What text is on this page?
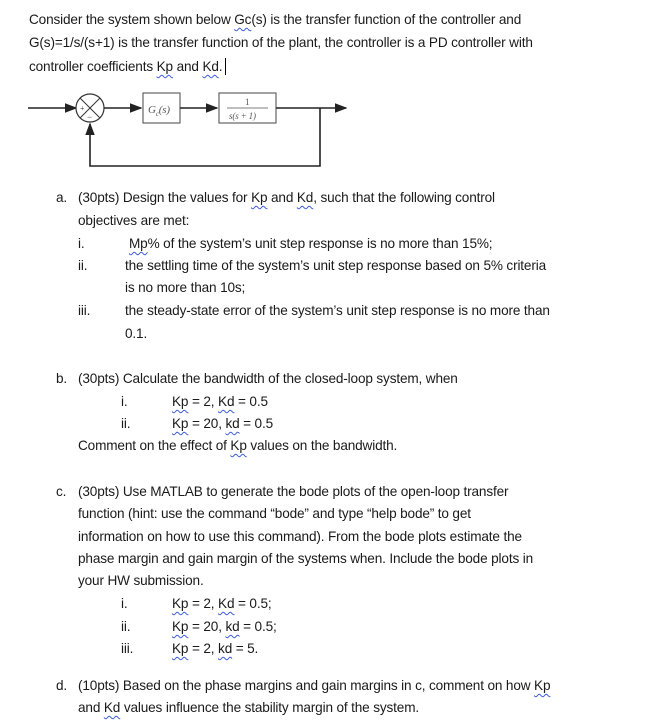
Consider the system shown below Gc(s) is the transfer function of the controller and
G(s)=1/s/(s+1) is the transfer function of the plant, the controller is a PD controller with
controller coefficients Kp and Kd.
+
−
$G_c(s)$
1
s(s + 1)
a. (30pts) Design the values for Kp and Kd, such that the following control
objectives are met:
i.	Mp% of the system’s unit step response is no more than 15%;
ii.	the settling time of the system’s unit step response based on 5% criteria
is no more than 10s;
iii.	the steady-state error of the system’s unit step response is no more than
0.1.
b. (30pts) Calculate the bandwidth of the closed-loop system, when
i.	Kp = 2, Kd = 0.5
ii.	Kp = 20, kd = 0.5
Comment on the effect of Kp values on the bandwidth.
c. (30pts) Use MATLAB to generate the bode plots of the open-loop transfer
function (hint: use the command “bode” and type “help bode” to get
information on how to use this command). From the bode plots estimate the
phase margin and gain margin of the systems when. Include the bode plots in
your HW submission.
i.	Kp = 2, Kd = 0.5;
ii.	Kp = 20, kd = 0.5;
iii.	Kp = 2, kd = 5.
d. (10pts) Based on the phase margins and gain margins in c, comment on how Kp
and Kd values influence the stability margin of the system.
